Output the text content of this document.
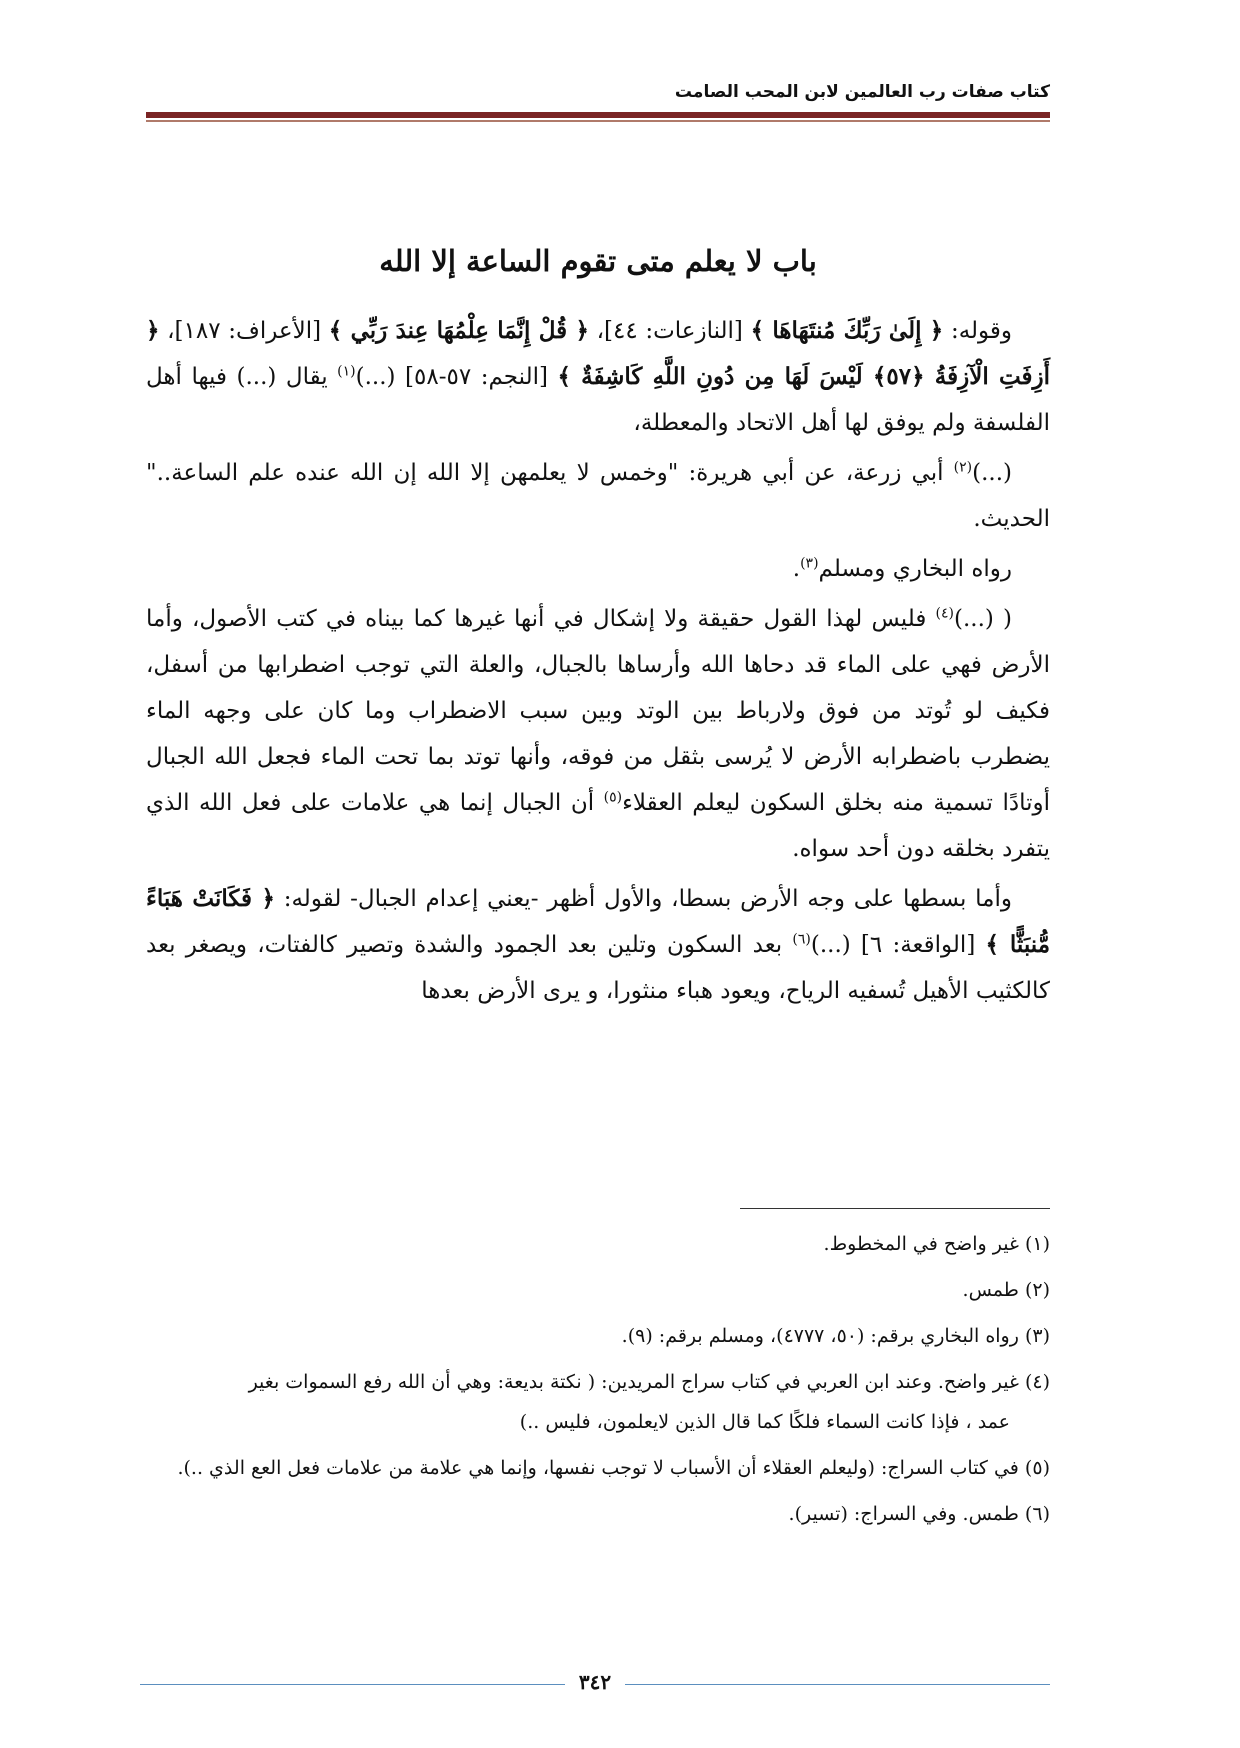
كتاب صفات رب العالمين لابن المحب الصامت
باب لا يعلم متى تقوم الساعة إلا الله

وقوله: ﴿ إِلَىٰ رَبِّكَ مُنتَهَاهَا ﴾ [النازعات: ٤٤]، ﴿ قُلْ إِنَّمَا عِلْمُهَا عِندَ رَبِّي ﴾ [الأعراف: ١٨٧]، ﴿ أَزِفَتِ الْآزِفَةُ ﴿٥٧﴾ لَيْسَ لَهَا مِن دُونِ اللَّهِ كَاشِفَةٌ ﴾ [النجم: ٥٧-٥٨] (...)$^{(١)}$ يقال (...) فيها أهل الفلسفة ولم يوفق لها أهل الاتحاد والمعطلة،

(...)$^{(٢)}$ أبي زرعة، عن أبي هريرة: "وخمس لا يعلمهن إلا الله إن الله عنده علم الساعة.." الحديث.

رواه البخاري ومسلم$^{(٣)}$.

( (...)$^{(٤)}$ فليس لهذا القول حقيقة ولا إشكال في أنها غيرها كما بيناه في كتب الأصول، وأما الأرض فهي على الماء قد دحاها الله وأرساها بالجبال، والعلة التي توجب اضطرابها من أسفل، فكيف لو تُوتد من فوق ولارباط بين الوتد وبين سبب الاضطراب وما كان على وجهه الماء يضطرب باضطرابه الأرض لا يُرسى بثقل من فوقه، وأنها توتد بما تحت الماء فجعل الله الجبال أوتادًا تسمية منه بخلق السكون ليعلم العقلاء$^{(٥)}$ أن الجبال إنما هي علامات على فعل الله الذي يتفرد بخلقه دون أحد سواه.

وأما بسطها على وجه الأرض بسطا، والأول أظهر -يعني إعدام الجبال- لقوله: ﴿ فَكَانَتْ هَبَاءً مُّنبَثًّا ﴾ [الواقعة: ٦] (...)$^{(٦)}$ بعد السكون وتلين بعد الجمود والشدة وتصير كالفتات، ويصغر بعد كالكثيب الأهيل تُسفيه الرياح، ويعود هباء منثورا، و يرى الأرض بعدها

(١) غير واضح في المخطوط.
(٢) طمس.
(٣) رواه البخاري برقم: (٥٠، ٤٧٧٧)، ومسلم برقم: (٩).
(٤) غير واضح. وعند ابن العربي في كتاب سراج المريدين: ( نكتة بديعة: وهي أن الله رفع السموات بغير
عمد ، فإذا كانت السماء فلكًا كما قال الذين لايعلمون، فليس ..)
(٥) في كتاب السراج: (وليعلم العقلاء أن الأسباب لا توجب نفسها، وإنما هي علامة من علامات فعل العع الذي ..).
(٦) طمس. وفي السراج: (تسير).
٣٤٢
